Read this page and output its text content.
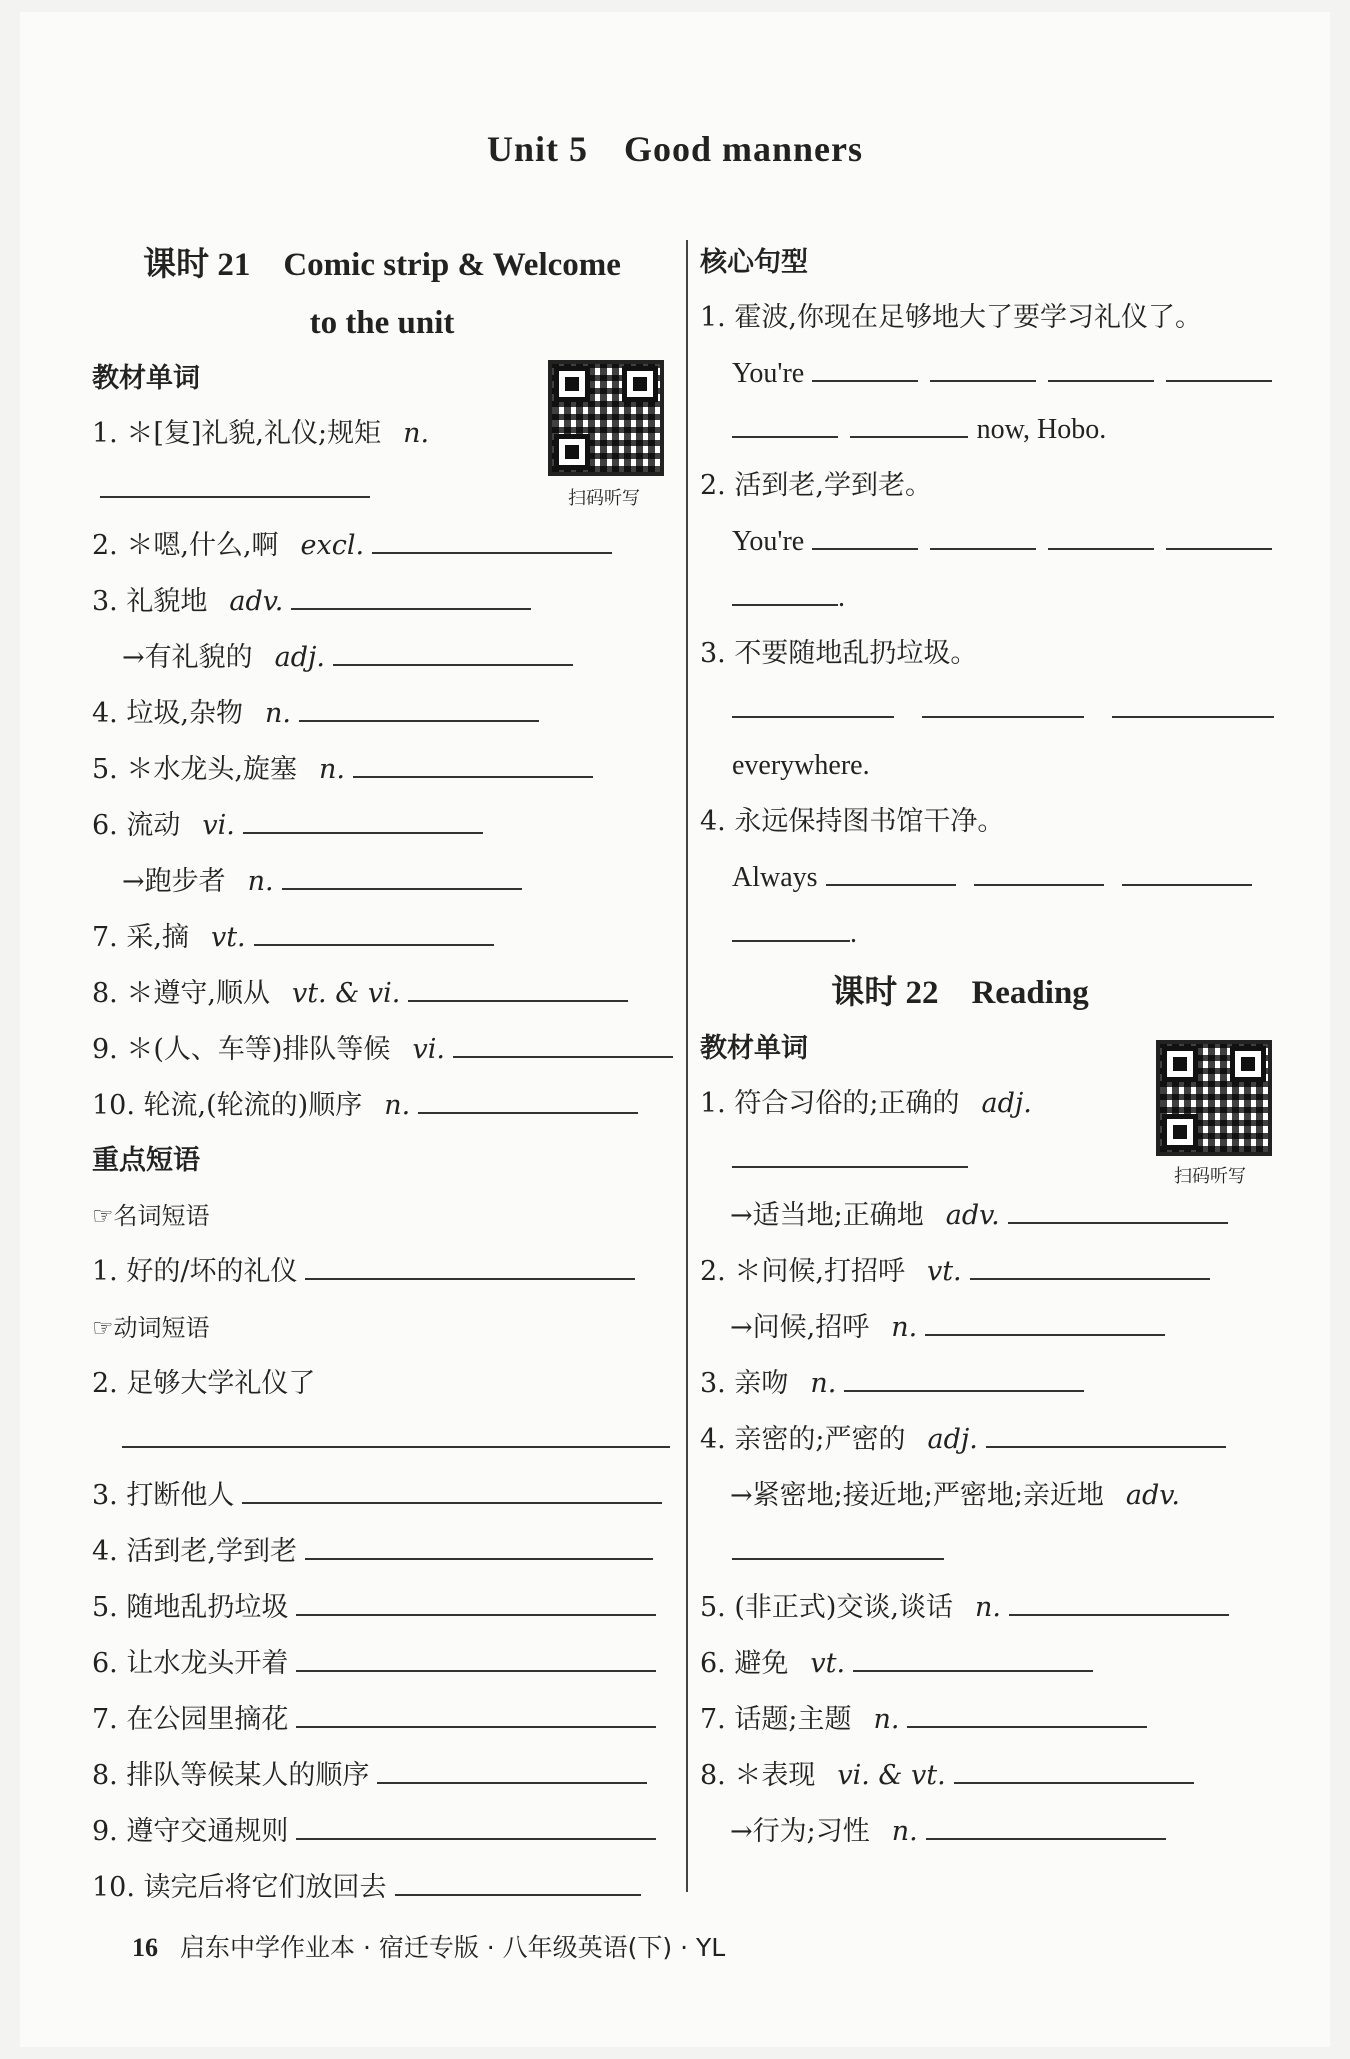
Unit 5 Good manners
课时 21　Comic strip & Welcome
to the unit
教材单词
1. ＊[复]礼貌,礼仪;规矩 n.
2. ＊嗯,什么,啊 excl.
3. 礼貌地 adv.
→有礼貌的 adj.
4. 垃圾,杂物 n.
5. ＊水龙头,旋塞 n.
6. 流动 vi.
→跑步者 n.
7. 采,摘 vt.
8. ＊遵守,顺从 vt. & vi.
9. ＊(人、车等)排队等候 vi.
10. 轮流,(轮流的)顺序 n.
重点短语
☞名词短语
1. 好的/坏的礼仪
☞动词短语
2. 足够大学礼仪了
3. 打断他人
4. 活到老,学到老
5. 随地乱扔垃圾
6. 让水龙头开着
7. 在公园里摘花
8. 排队等候某人的顺序
9. 遵守交通规则
10. 读完后将它们放回去
扫码听写
核心句型
1. 霍波,你现在足够地大了要学习礼仪了。
You're
now, Hobo.
2. 活到老,学到老。
You're
.
3. 不要随地乱扔垃圾。
everywhere.
4. 永远保持图书馆干净。
Always
.
课时 22　Reading
教材单词
1. 符合习俗的;正确的 adj.
→适当地;正确地 adv.
2. ＊问候,打招呼 vt.
→问候,招呼 n.
3. 亲吻 n.
4. 亲密的;严密的 adj.
→紧密地;接近地;严密地;亲近地 adv.
5. (非正式)交谈,谈话 n.
6. 避免 vt.
7. 话题;主题 n.
8. ＊表现 vi. & vt.
→行为;习性 n.
扫码听写
16 启东中学作业本 · 宿迁专版 · 八年级英语(下) · YL
